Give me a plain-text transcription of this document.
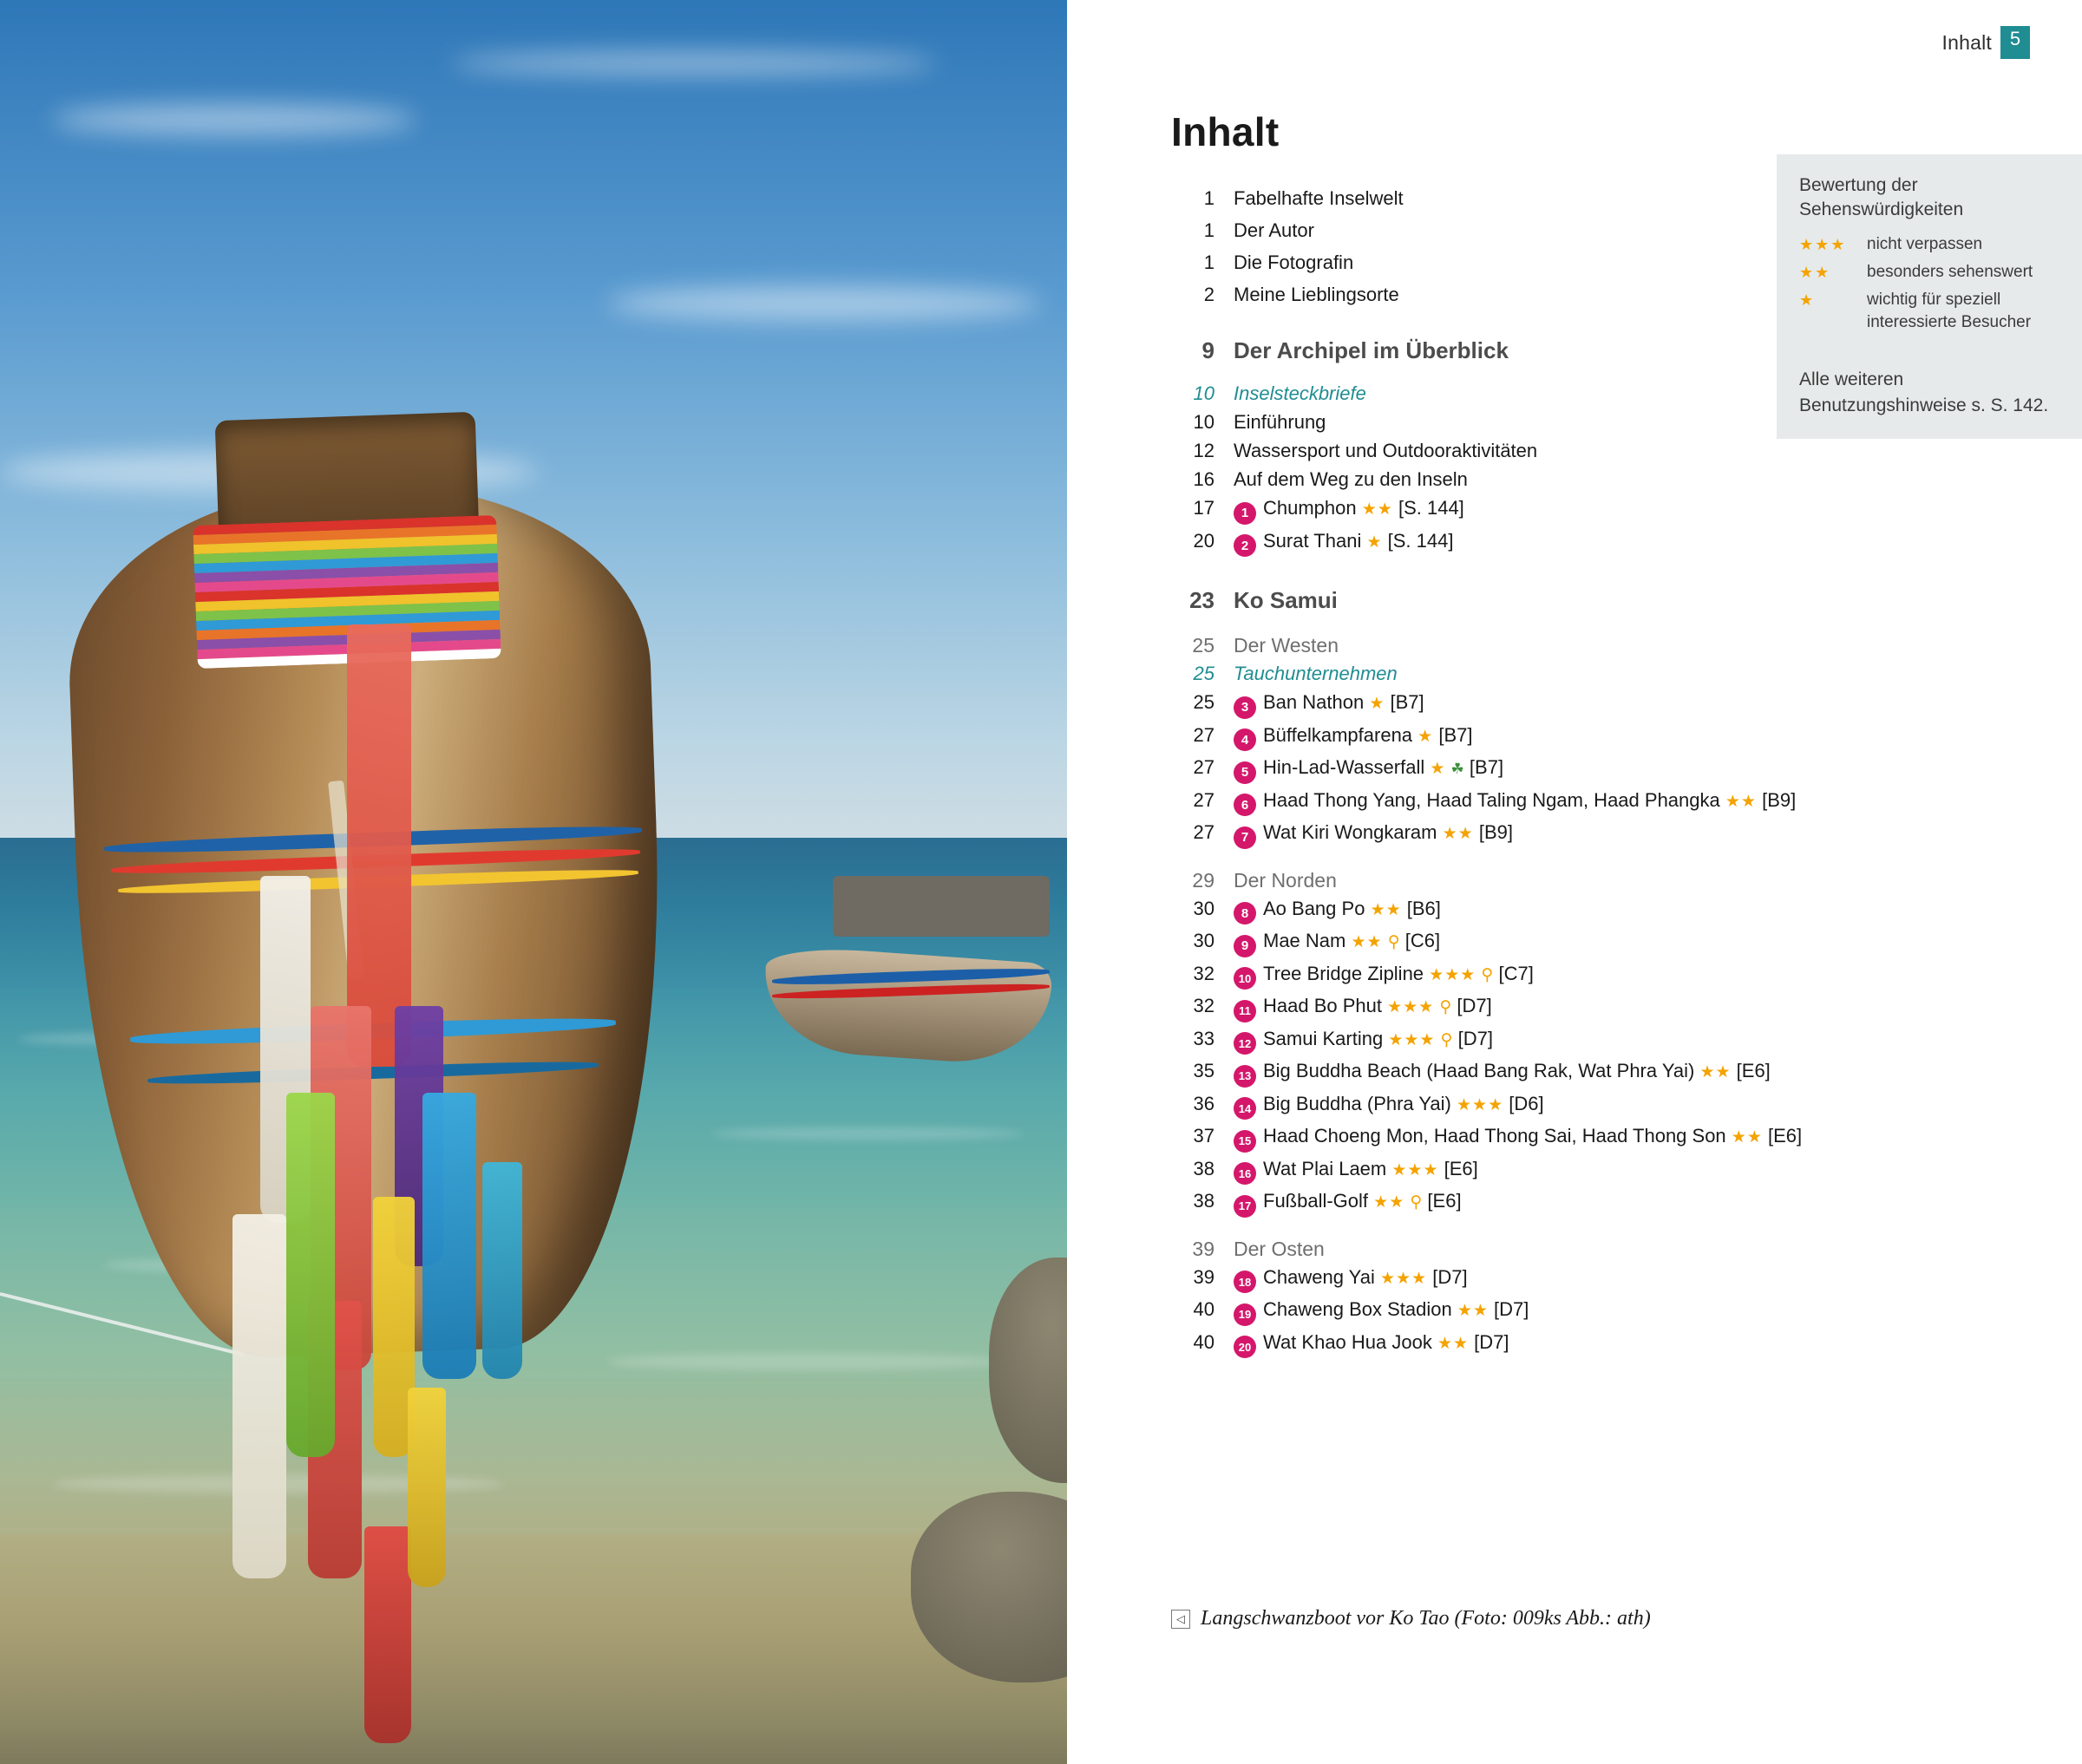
Inhalt 5
Inhalt
Bewertung der Sehenswürdigkeiten
★★★	nicht verpassen
★★	besonders sehenswert
★	wichtig für speziell interessierte Besucher
Alle weiteren Benutzungshinweise s. S. 142.
1	Fabelhafte Inselwelt
1	Der Autor
1	Die Fotografin
2	Meine Lieblingsorte
9 Der Archipel im Überblick
10	Inselsteckbriefe
10	Einführung
12	Wassersport und Outdooraktivitäten
16	Auf dem Weg zu den Inseln
17	1 Chumphon ★★ [S. 144]
20	2 Surat Thani ★ [S. 144]
23 Ko Samui
25 Der Westen
25	Tauchunternehmen
25	3 Ban Nathon ★ [B7]
27	4 Büffelkampfarena ★ [B7]
27	5 Hin-Lad-Wasserfall ★ ☘ [B7]
27	6 Haad Thong Yang, Haad Taling Ngam, Haad Phangka ★★ [B9]
27	7 Wat Kiri Wongkaram ★★ [B9]
29 Der Norden
30	8 Ao Bang Po ★★ [B6]
30	9 Mae Nam ★★ ⚲ [C6]
32	10 Tree Bridge Zipline ★★★ ⚲ [C7]
32	11 Haad Bo Phut ★★★ ⚲ [D7]
33	12 Samui Karting ★★★ ⚲ [D7]
35	13 Big Buddha Beach (Haad Bang Rak, Wat Phra Yai) ★★ [E6]
36	14 Big Buddha (Phra Yai) ★★★ [D6]
37	15 Haad Choeng Mon, Haad Thong Sai, Haad Thong Son ★★ [E6]
38	16 Wat Plai Laem ★★★ [E6]
38	17 Fußball-Golf ★★ ⚲ [E6]
39 Der Osten
39	18 Chaweng Yai ★★★ [D7]
40	19 Chaweng Box Stadion ★★ [D7]
40	20 Wat Khao Hua Jook ★★ [D7]
◁ Langschwanzboot vor Ko Tao (Foto: 009ks Abb.: ath)
